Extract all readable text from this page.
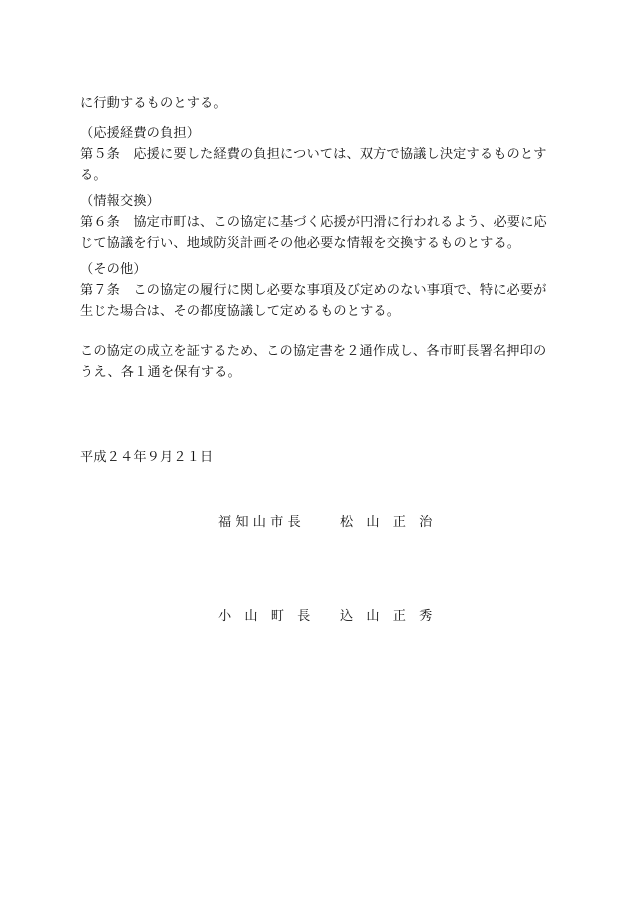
に行動するものとする。
（応援経費の負担）
第５条　応援に要した経費の負担については、双方で協議し決定するものとす
る。
（情報交換）
第６条　協定市町は、この協定に基づく応援が円滑に行われるよう、必要に応
じて協議を行い、地域防災計画その他必要な情報を交換するものとする。
（その他）
第７条　この協定の履行に関し必要な事項及び定めのない事項で、特に必要が
生じた場合は、その都度協議して定めるものとする。
この協定の成立を証するため、この協定書を２通作成し、各市町長署名押印の
うえ、各１通を保有する。
平成２４年９月２１日
福 知 山 市 長	松　山　正　治
小　山　町　長 込　山　正　秀
